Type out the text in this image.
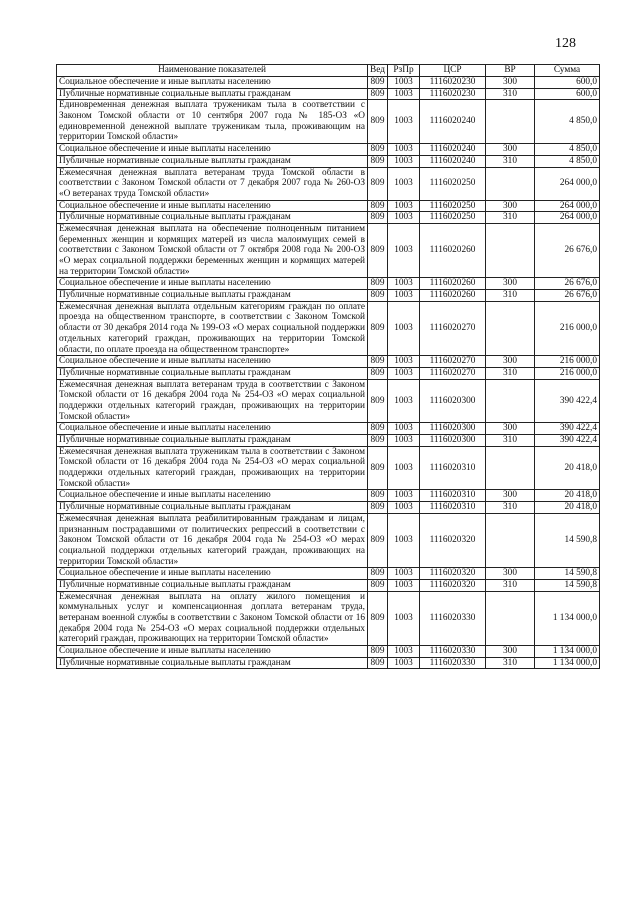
128
Наименование показателей	Вед	РзПр	ЦСР	ВР	Сумма
Социальное обеспечение и иные выплаты населению	809	1003	1116020230	300	600,0
Публичные нормативные социальные выплаты гражданам	809	1003	1116020230	310	600,0
Единовременная денежная выплата труженикам тыла в соответствии с Законом Томской области от 10 сентября 2007 года № 185-ОЗ «О единовременной денежной выплате труженикам тыла, проживающим на территории Томской области»	809	1003	1116020240		4 850,0
Социальное обеспечение и иные выплаты населению	809	1003	1116020240	300	4 850,0
Публичные нормативные социальные выплаты гражданам	809	1003	1116020240	310	4 850,0
Ежемесячная денежная выплата ветеранам труда Томской области в соответствии с Законом Томской области от 7 декабря 2007 года № 260-ОЗ «О ветеранах труда Томской области»	809	1003	1116020250		264 000,0
Социальное обеспечение и иные выплаты населению	809	1003	1116020250	300	264 000,0
Публичные нормативные социальные выплаты гражданам	809	1003	1116020250	310	264 000,0
Ежемесячная денежная выплата на обеспечение полноценным питанием беременных женщин и кормящих матерей из числа малоимущих семей в соответствии с Законом Томской области от 7 октября 2008 года № 200-ОЗ «О мерах социальной поддержки беременных женщин и кормящих матерей на территории Томской области»	809	1003	1116020260		26 676,0
Социальное обеспечение и иные выплаты населению	809	1003	1116020260	300	26 676,0
Публичные нормативные социальные выплаты гражданам	809	1003	1116020260	310	26 676,0
Ежемесячная денежная выплата отдельным категориям граждан по оплате проезда на общественном транспорте, в соответствии с Законом Томской области от 30 декабря 2014 года № 199-ОЗ «О мерах социальной поддержки отдельных категорий граждан, проживающих на территории Томской области, по оплате проезда на общественном транспорте»	809	1003	1116020270		216 000,0
Социальное обеспечение и иные выплаты населению	809	1003	1116020270	300	216 000,0
Публичные нормативные социальные выплаты гражданам	809	1003	1116020270	310	216 000,0
Ежемесячная денежная выплата ветеранам труда в соответствии с Законом Томской области от 16 декабря 2004 года № 254-ОЗ «О мерах социальной поддержки отдельных категорий граждан, проживающих на территории Томской области»	809	1003	1116020300		390 422,4
Социальное обеспечение и иные выплаты населению	809	1003	1116020300	300	390 422,4
Публичные нормативные социальные выплаты гражданам	809	1003	1116020300	310	390 422,4
Ежемесячная денежная выплата труженикам тыла в соответствии с Законом Томской области от 16 декабря 2004 года № 254-ОЗ «О мерах социальной поддержки отдельных категорий граждан, проживающих на территории Томской области»	809	1003	1116020310		20 418,0
Социальное обеспечение и иные выплаты населению	809	1003	1116020310	300	20 418,0
Публичные нормативные социальные выплаты гражданам	809	1003	1116020310	310	20 418,0
Ежемесячная денежная выплата реабилитированным гражданам и лицам, признанным пострадавшими от политических репрессий в соответствии с Законом Томской области от 16 декабря 2004 года № 254-ОЗ «О мерах социальной поддержки отдельных категорий граждан, проживающих на территории Томской области»	809	1003	1116020320		14 590,8
Социальное обеспечение и иные выплаты населению	809	1003	1116020320	300	14 590,8
Публичные нормативные социальные выплаты гражданам	809	1003	1116020320	310	14 590,8
Ежемесячная денежная выплата на оплату жилого помещения и коммунальных услуг и компенсационная доплата ветеранам труда, ветеранам военной службы в соответствии с Законом Томской области от 16 декабря 2004 года № 254-ОЗ «О мерах социальной поддержки отдельных категорий граждан, проживающих на территории Томской области»	809	1003	1116020330		1 134 000,0
Социальное обеспечение и иные выплаты населению	809	1003	1116020330	300	1 134 000,0
Публичные нормативные социальные выплаты гражданам	809	1003	1116020330	310	1 134 000,0
